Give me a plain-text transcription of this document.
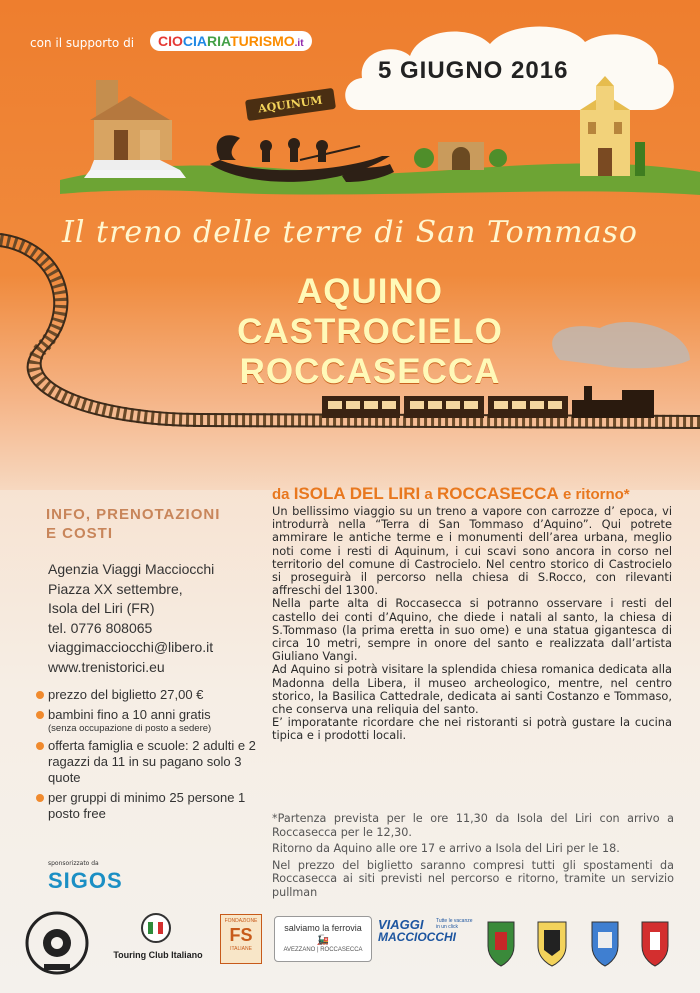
con il supporto di	CIOCIARIATURISMO.it
5 GIUGNO 2016
AQUINUM
Il treno delle terre di San Tommaso
AQUINO
CASTROCIELO
ROCCASECCA
da ISOLA DEL LIRI a ROCCASECCA e ritorno*

Un bellissimo viaggio su un treno a vapore con carrozze d’ epoca, vi introdurrà nella “Terra di San Tommaso d’Aquino”. Qui potrete ammirare le antiche terme e i monumenti dell’area urbana, meglio noti come i resti di Aquinum, i cui scavi sono ancora in corso nel territorio del comune di Castrocielo. Nel centro storico di Castrocielo si proseguirà il percorso nella chiesa di S.Rocco, con rilevanti affreschi del 1300.

Nella parte alta di Roccasecca si potranno osservare i resti del castello dei conti d’Aquino, che diede i natali al santo, la chiesa di S.Tommaso (la prima eretta in suo ome) e una statua gigantesca di circa 10 metri, sempre in onore del santo e realizzata dall’artista Giuliano Vangi.

Ad Aquino si potrà visitare la splendida chiesa romanica dedicata alla Madonna della Libera, il museo archeologico, mentre, nel centro storico, la Basilica Cattedrale, dedicata ai santi Costanzo e Tommaso, che conserva una reliquia del santo.

E’ imporatante ricordare che nei ristoranti si potrà gustare la cucina tipica e i prodotti locali.

*Partenza prevista per le ore 11,30 da Isola del Liri con arrivo a Roccasecca per le 12,30.

Ritorno da Aquino alle ore 17 e arrivo a Isola del Liri per le 18.

Nel prezzo del biglietto saranno compresi tutti gli spostamenti da Roccasecca ai siti previsti nel percorso e ritorno, tramite un servizio pullman

INFO, PRENOTAZIONI
E COSTI
Agenzia Viaggi Macciocchi
Piazza XX settembre,
Isola del Liri (FR)
tel. 0776 808065
viaggimacciocchi@libero.it
www.trenistorici.eu
prezzo del biglietto 27,00 €
bambini fino a 10 anni gratis
(senza occupazione di posto a sedere)
offerta famiglia e scuole: 2 adulti e 2 ragazzi da 11 in su pagano solo 3 quote
per gruppi di minimo 25 persone 1 posto free
sponsorizzato da
SIGOS
Touring Club Italiano
FONDAZIONE
FS
ITALIANE
salviamo la ferrovia
🚂
AVEZZANO | ROCCASECCA
VIAGGI
MACCIOCCHI
Tutte le vacanze in un click
